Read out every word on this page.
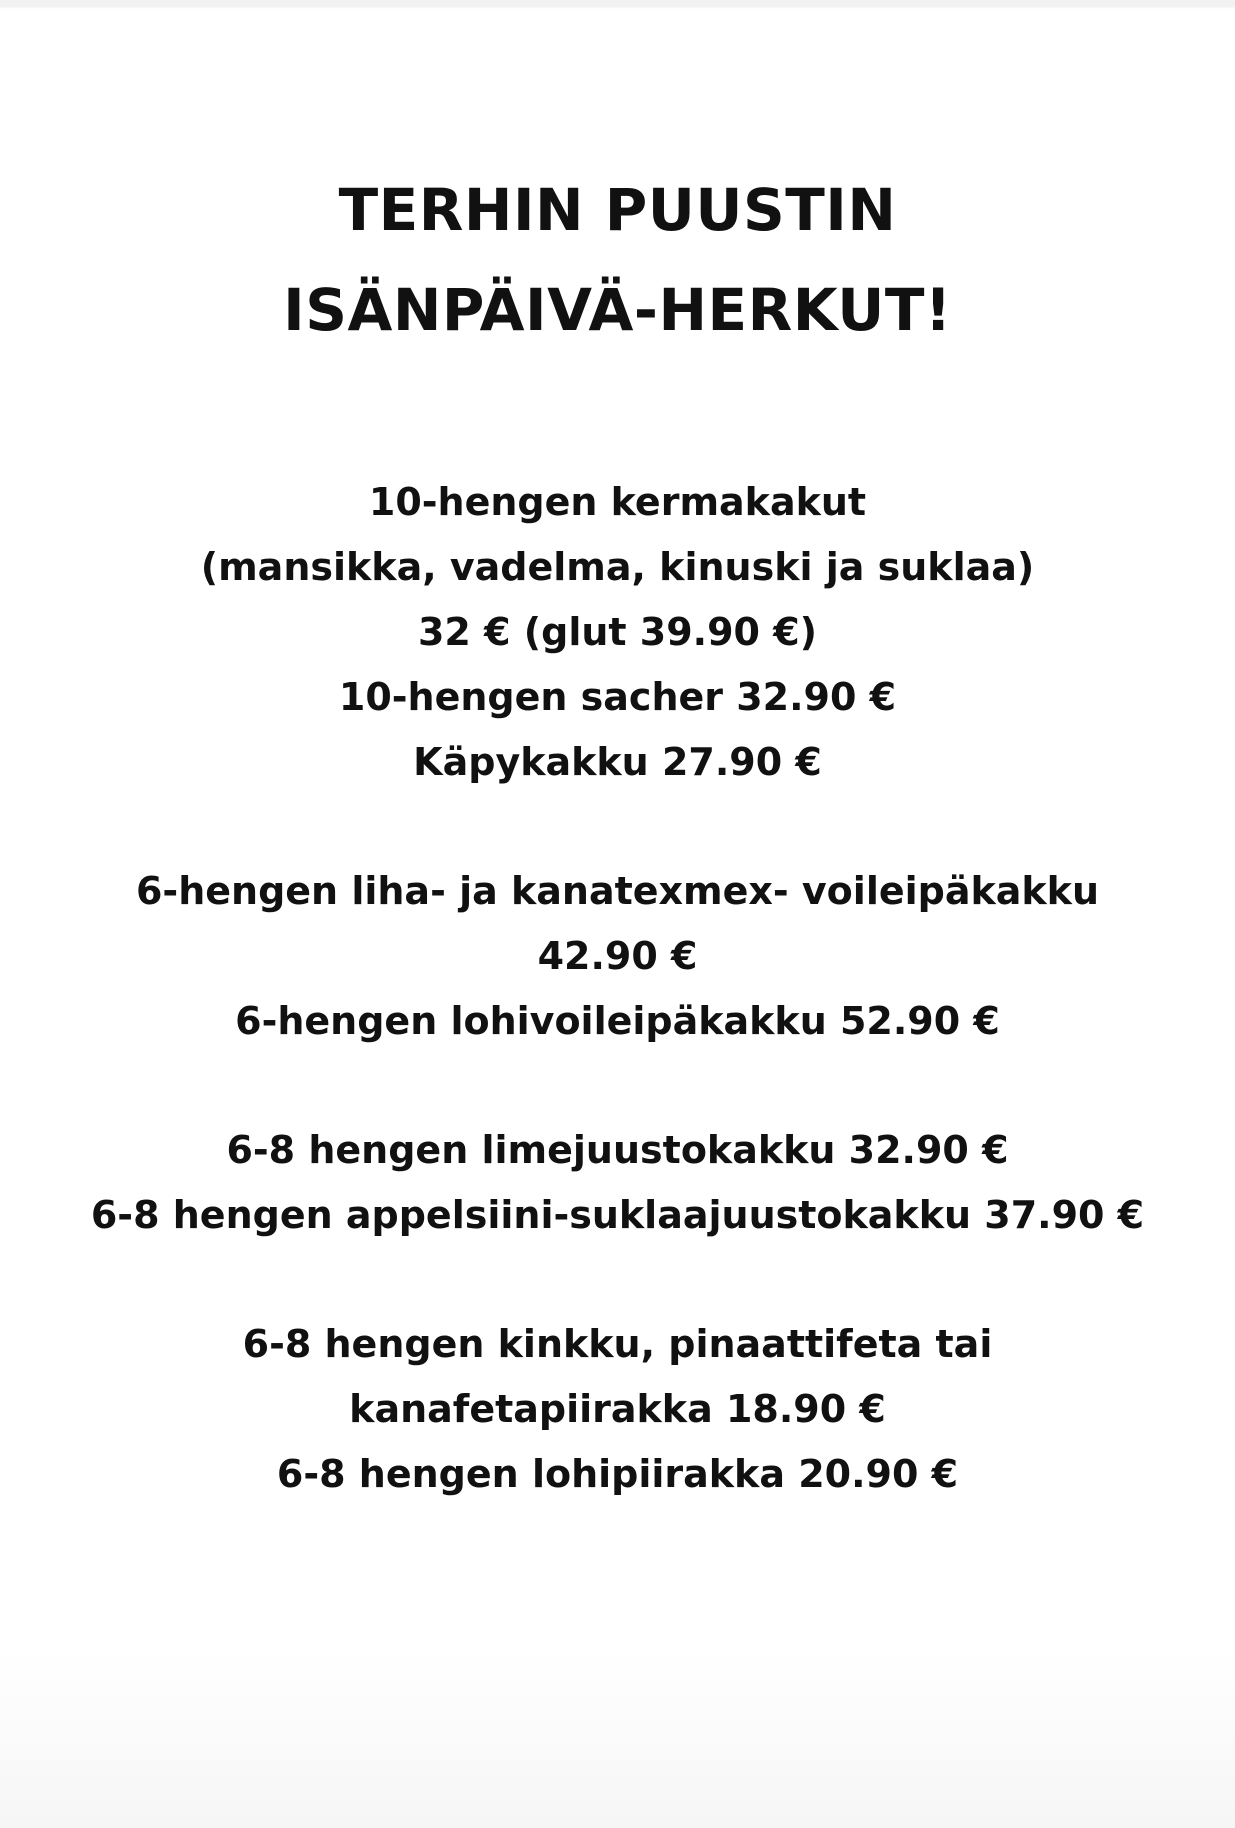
TERHIN PUUSTIN
ISÄNPÄIVÄ-HERKUT!
10-hengen kermakakut
(mansikka, vadelma, kinuski ja suklaa)
32 € (glut 39.90 €)
10-hengen sacher 32.90 €
Käpykakku 27.90 €
6-hengen liha- ja kanatexmex- voileipäkakku
42.90 €
6-hengen lohivoileipäkakku 52.90 €
6-8 hengen limejuustokakku 32.90 €
6-8 hengen appelsiini-suklaajuustokakku 37.90 €
6-8 hengen kinkku, pinaattifeta tai
kanafetapiirakka 18.90 €
6-8 hengen lohipiirakka 20.90 €
